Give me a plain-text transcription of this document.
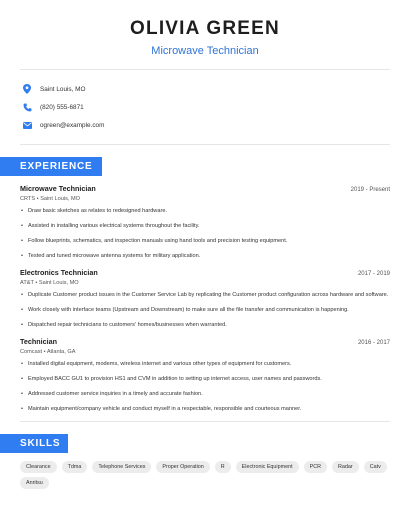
OLIVIA GREEN
Microwave Technician
Saint Louis, MO
(820) 555-6871
ogreen@example.com
EXPERIENCE
Microwave Technician	2019 - Present
CRTS • Saint Louis, MO
• Draw basic sketches as relates to redesigned hardware.
• Assisted in installing various electrical systems throughout the facility.
• Follow blueprints, schematics, and inspection manuals using hand tools and precision testing equipment.
• Tested and tuned microwave antenna systems for military application.
Electronics Technician	2017 - 2019
AT&T • Saint Louis, MO
• Duplicate Customer product issues in the Customer Service Lab by replicating the Customer product configuration across hardware and software.
• Work closely with interface teams (Upstream and Downstream) to make sure all the file transfer and communication is happening.
• Dispatched repair technicians to customers' homes/businesses when warranted.
Technician	2016 - 2017
Comcast • Atlanta, GA
• Installed digital equipment, modems, wireless internet and various other types of equipment for customers.
• Employed BACC GU1 to provision HS1 and CVM in addition to setting up internet access, user names and passwords.
• Addressed customer service inquiries in a timely and accurate fashion.
• Maintain equipment/company vehicle and conduct myself in a respectable, responsible and courteous manner.
SKILLS
Clearance	Tdma	Telephone Services	Proper Operation	R	Electronic Equipment	PCR	Radar	Catv
Anritsu
